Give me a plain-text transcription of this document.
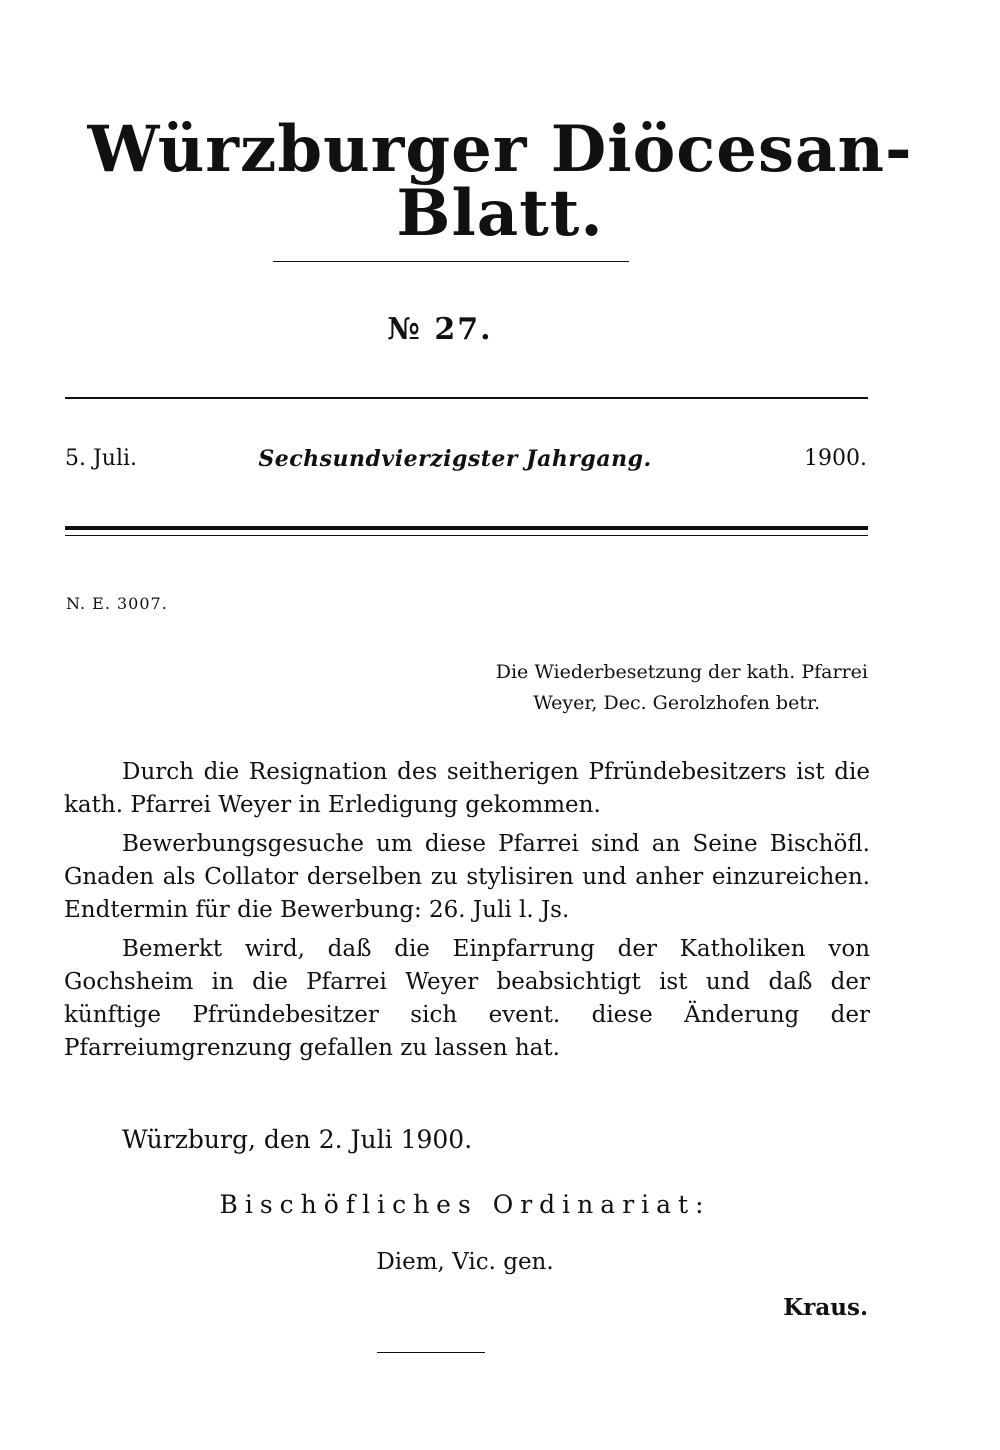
Würzburger Diöcesan-Blatt.
№ 27.
5. Juli.	Sechsundvierzigster Jahrgang.	1900.
N. E. 3007.
Die Wiederbesetzung der kath. Pfarrei
Weyer, Dec. Gerolzhofen betr.

Durch die Resignation des seitherigen Pfründebesitzers ist die kath. Pfarrei Weyer in Erledigung gekommen.

Bewerbungsgesuche um diese Pfarrei sind an Seine Bischöfl. Gnaden als Collator derselben zu stylisiren und anher einzureichen. Endtermin für die Bewerbung: 26. Juli l. Js.

Bemerkt wird, daß die Einpfarrung der Katholiken von Gochsheim in die Pfarrei Weyer beabsichtigt ist und daß der künftige Pfründebesitzer sich event. diese Änderung der Pfarreiumgrenzung gefallen zu lassen hat.

Würzburg, den 2. Juli 1900.
Bischöfliches Ordinariat:
Diem, Vic. gen.
Kraus.
